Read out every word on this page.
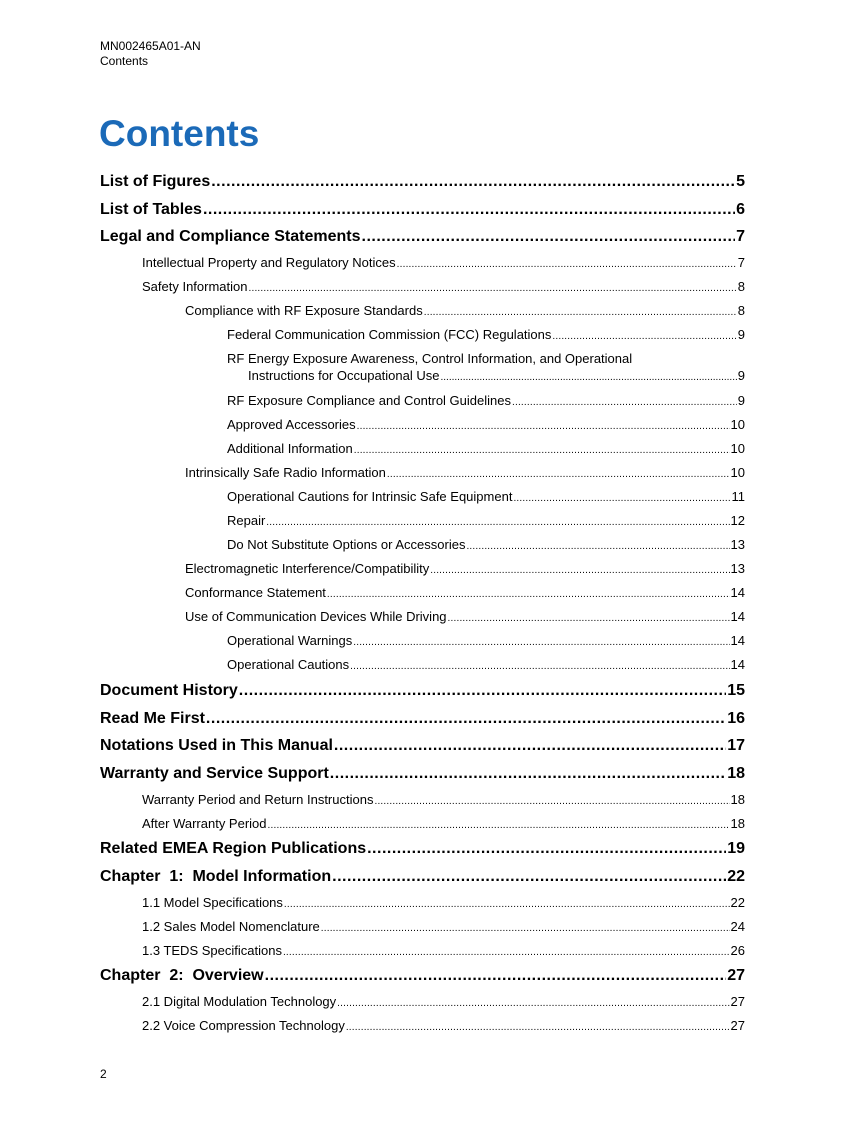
MN002465A01-AN
Contents
Contents
List of Figures .....	5
List of Tables .....	6
Legal and Compliance Statements .....	7
Intellectual Property and Regulatory Notices .....	7
Safety Information .....	8
Compliance with RF Exposure Standards .....	8
Federal Communication Commission (FCC) Regulations .....	9
RF Energy Exposure Awareness, Control Information, and Operational
Instructions for Occupational Use .....	9
RF Exposure Compliance and Control Guidelines .....	9
Approved Accessories .....	10
Additional Information .....	10
Intrinsically Safe Radio Information .....	10
Operational Cautions for Intrinsic Safe Equipment .....	11
Repair .....	12
Do Not Substitute Options or Accessories .....	13
Electromagnetic Interference/Compatibility .....	13
Conformance Statement .....	14
Use of Communication Devices While Driving .....	14
Operational Warnings .....	14
Operational Cautions .....	14
Document History .....	15
Read Me First .....	16
Notations Used in This Manual .....	17
Warranty and Service Support .....	18
Warranty Period and Return Instructions .....	18
After Warranty Period .....	18
Related EMEA Region Publications .....	19
Chapter  1:  Model Information .....	22
1.1 Model Specifications .....	22
1.2 Sales Model Nomenclature .....	24
1.3 TEDS Specifications .....	26
Chapter  2:  Overview .....	27
2.1 Digital Modulation Technology .....	27
2.2 Voice Compression Technology .....	27
2
